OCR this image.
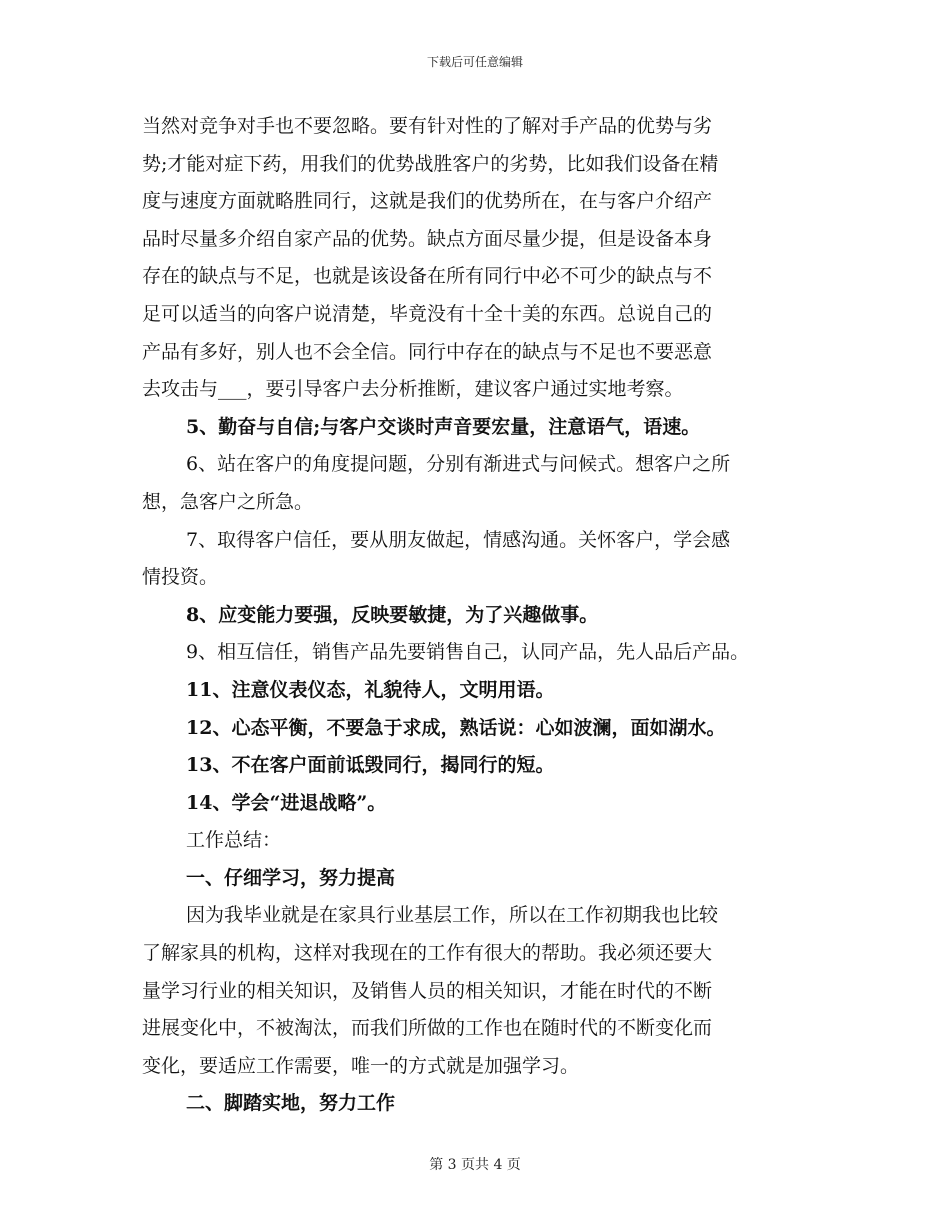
下载后可任意编辑
当然对竞争对手也不要忽略。要有针对性的了解对手产品的优势与劣
势;才能对症下药，用我们的优势战胜客户的劣势，比如我们设备在精
度与速度方面就略胜同行，这就是我们的优势所在，在与客户介绍产
品时尽量多介绍自家产品的优势。缺点方面尽量少提，但是设备本身
存在的缺点与不足，也就是该设备在所有同行中必不可少的缺点与不
足可以适当的向客户说清楚，毕竟没有十全十美的东西。总说自己的
产品有多好，别人也不会全信。同行中存在的缺点与不足也不要恶意
去攻击与___，要引导客户去分析推断，建议客户通过实地考察。
5、勤奋与自信;与客户交谈时声音要宏量，注意语气，语速。
6、站在客户的角度提问题，分别有渐进式与问候式。想客户之所
想，急客户之所急。
7、取得客户信任，要从朋友做起，情感沟通。关怀客户，学会感
情投资。
8、应变能力要强，反映要敏捷，为了兴趣做事。
9、相互信任，销售产品先要销售自己，认同产品，先人品后产品。
11、注意仪表仪态，礼貌待人，文明用语。
12、心态平衡，不要急于求成，熟话说：心如波澜，面如湖水。
13、不在客户面前诋毁同行，揭同行的短。
14、学会“进退战略”。
工作总结：
一、仔细学习，努力提高
因为我毕业就是在家具行业基层工作，所以在工作初期我也比较
了解家具的机构，这样对我现在的工作有很大的帮助。我必须还要大
量学习行业的相关知识，及销售人员的相关知识，才能在时代的不断
进展变化中，不被淘汰，而我们所做的工作也在随时代的不断变化而
变化，要适应工作需要，唯一的方式就是加强学习。
二、脚踏实地，努力工作
第 3 页共 4 页
